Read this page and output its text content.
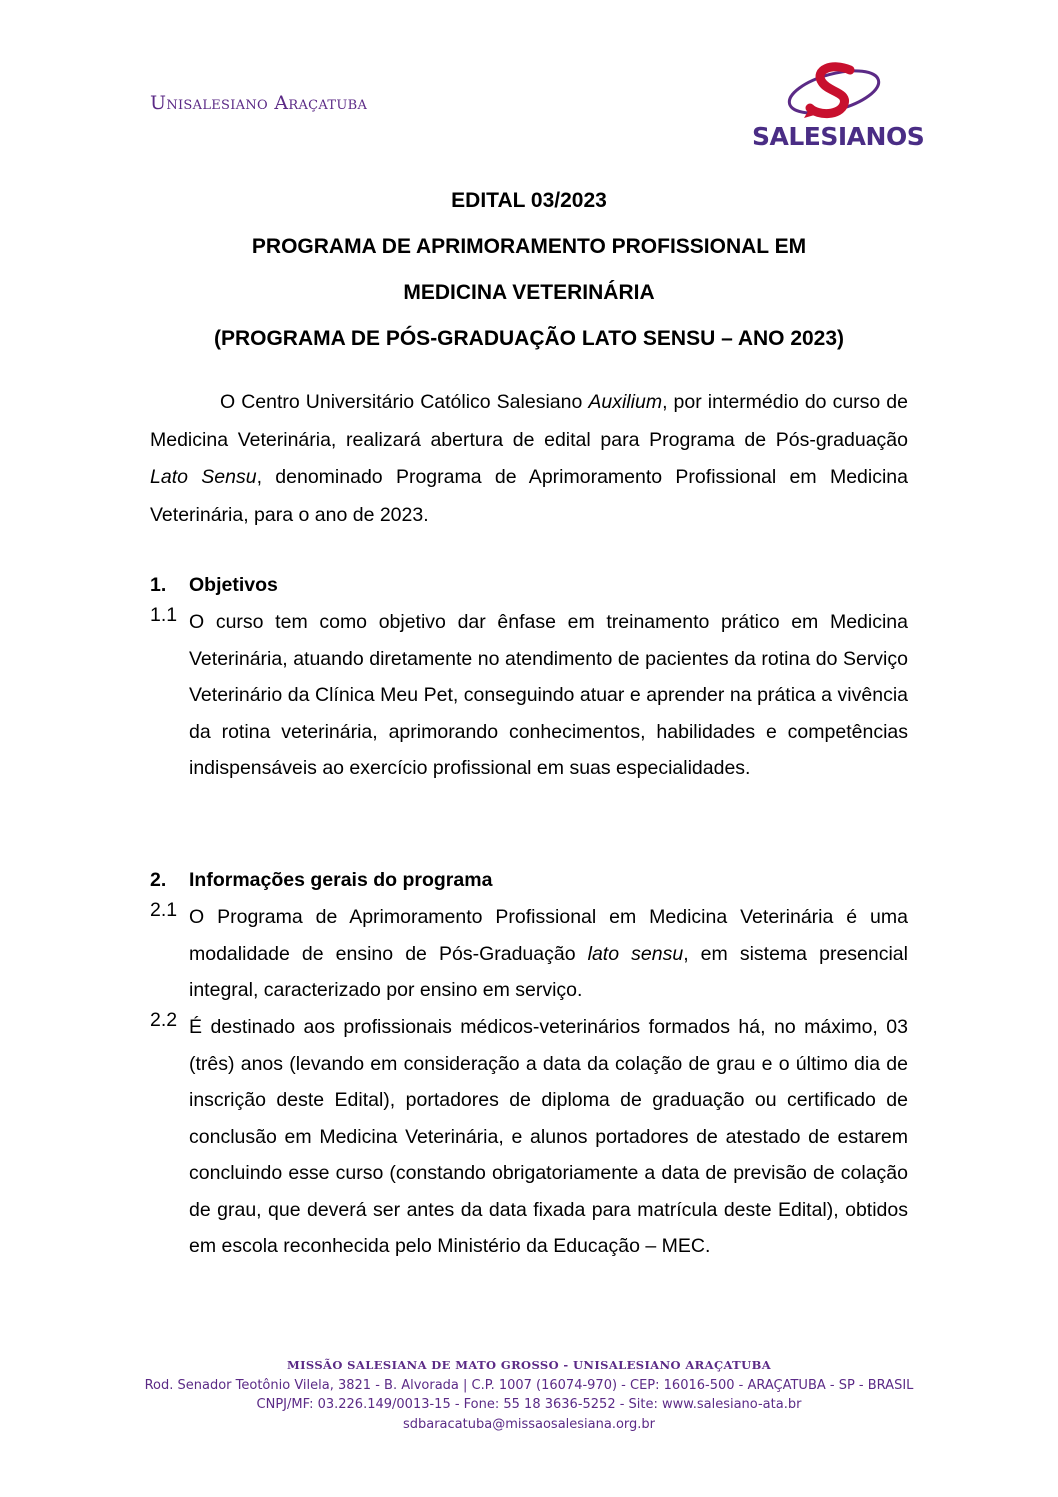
Unisalesiano Araçatuba
SALESIANOS
EDITAL 03/2023
PROGRAMA DE APRIMORAMENTO PROFISSIONAL EM
MEDICINA VETERINÁRIA
(PROGRAMA DE PÓS-GRADUAÇÃO LATO SENSU – ANO 2023)
O Centro Universitário Católico Salesiano Auxilium, por intermédio do curso de Medicina Veterinária, realizará abertura de edital para Programa de Pós-graduação Lato Sensu, denominado Programa de Aprimoramento Profissional em Medicina Veterinária, para o ano de 2023.
1. Objetivos
1.1 O curso tem como objetivo dar ênfase em treinamento prático em Medicina Veterinária, atuando diretamente no atendimento de pacientes da rotina do Serviço Veterinário da Clínica Meu Pet, conseguindo atuar e aprender na prática a vivência da rotina veterinária, aprimorando conhecimentos, habilidades e competências indispensáveis ao exercício profissional em suas especialidades.
2. Informações gerais do programa
2.1 O Programa de Aprimoramento Profissional em Medicina Veterinária é uma modalidade de ensino de Pós-Graduação lato sensu, em sistema presencial integral, caracterizado por ensino em serviço.
2.2 É destinado aos profissionais médicos-veterinários formados há, no máximo, 03 (três) anos (levando em consideração a data da colação de grau e o último dia de inscrição deste Edital), portadores de diploma de graduação ou certificado de conclusão em Medicina Veterinária, e alunos portadores de atestado de estarem concluindo esse curso (constando obrigatoriamente a data de previsão de colação de grau, que deverá ser antes da data fixada para matrícula deste Edital), obtidos em escola reconhecida pelo Ministério da Educação – MEC.
MISSÃO SALESIANA DE MATO GROSSO - UNISALESIANO ARAÇATUBA
Rod. Senador Teotônio Vilela, 3821 - B. Alvorada | C.P. 1007 (16074-970) - CEP: 16016-500 - ARAÇATUBA - SP - BRASIL
CNPJ/MF: 03.226.149/0013-15 - Fone: 55 18 3636-5252 - Site: www.salesiano-ata.br
sdbaracatuba@missaosalesiana.org.br
